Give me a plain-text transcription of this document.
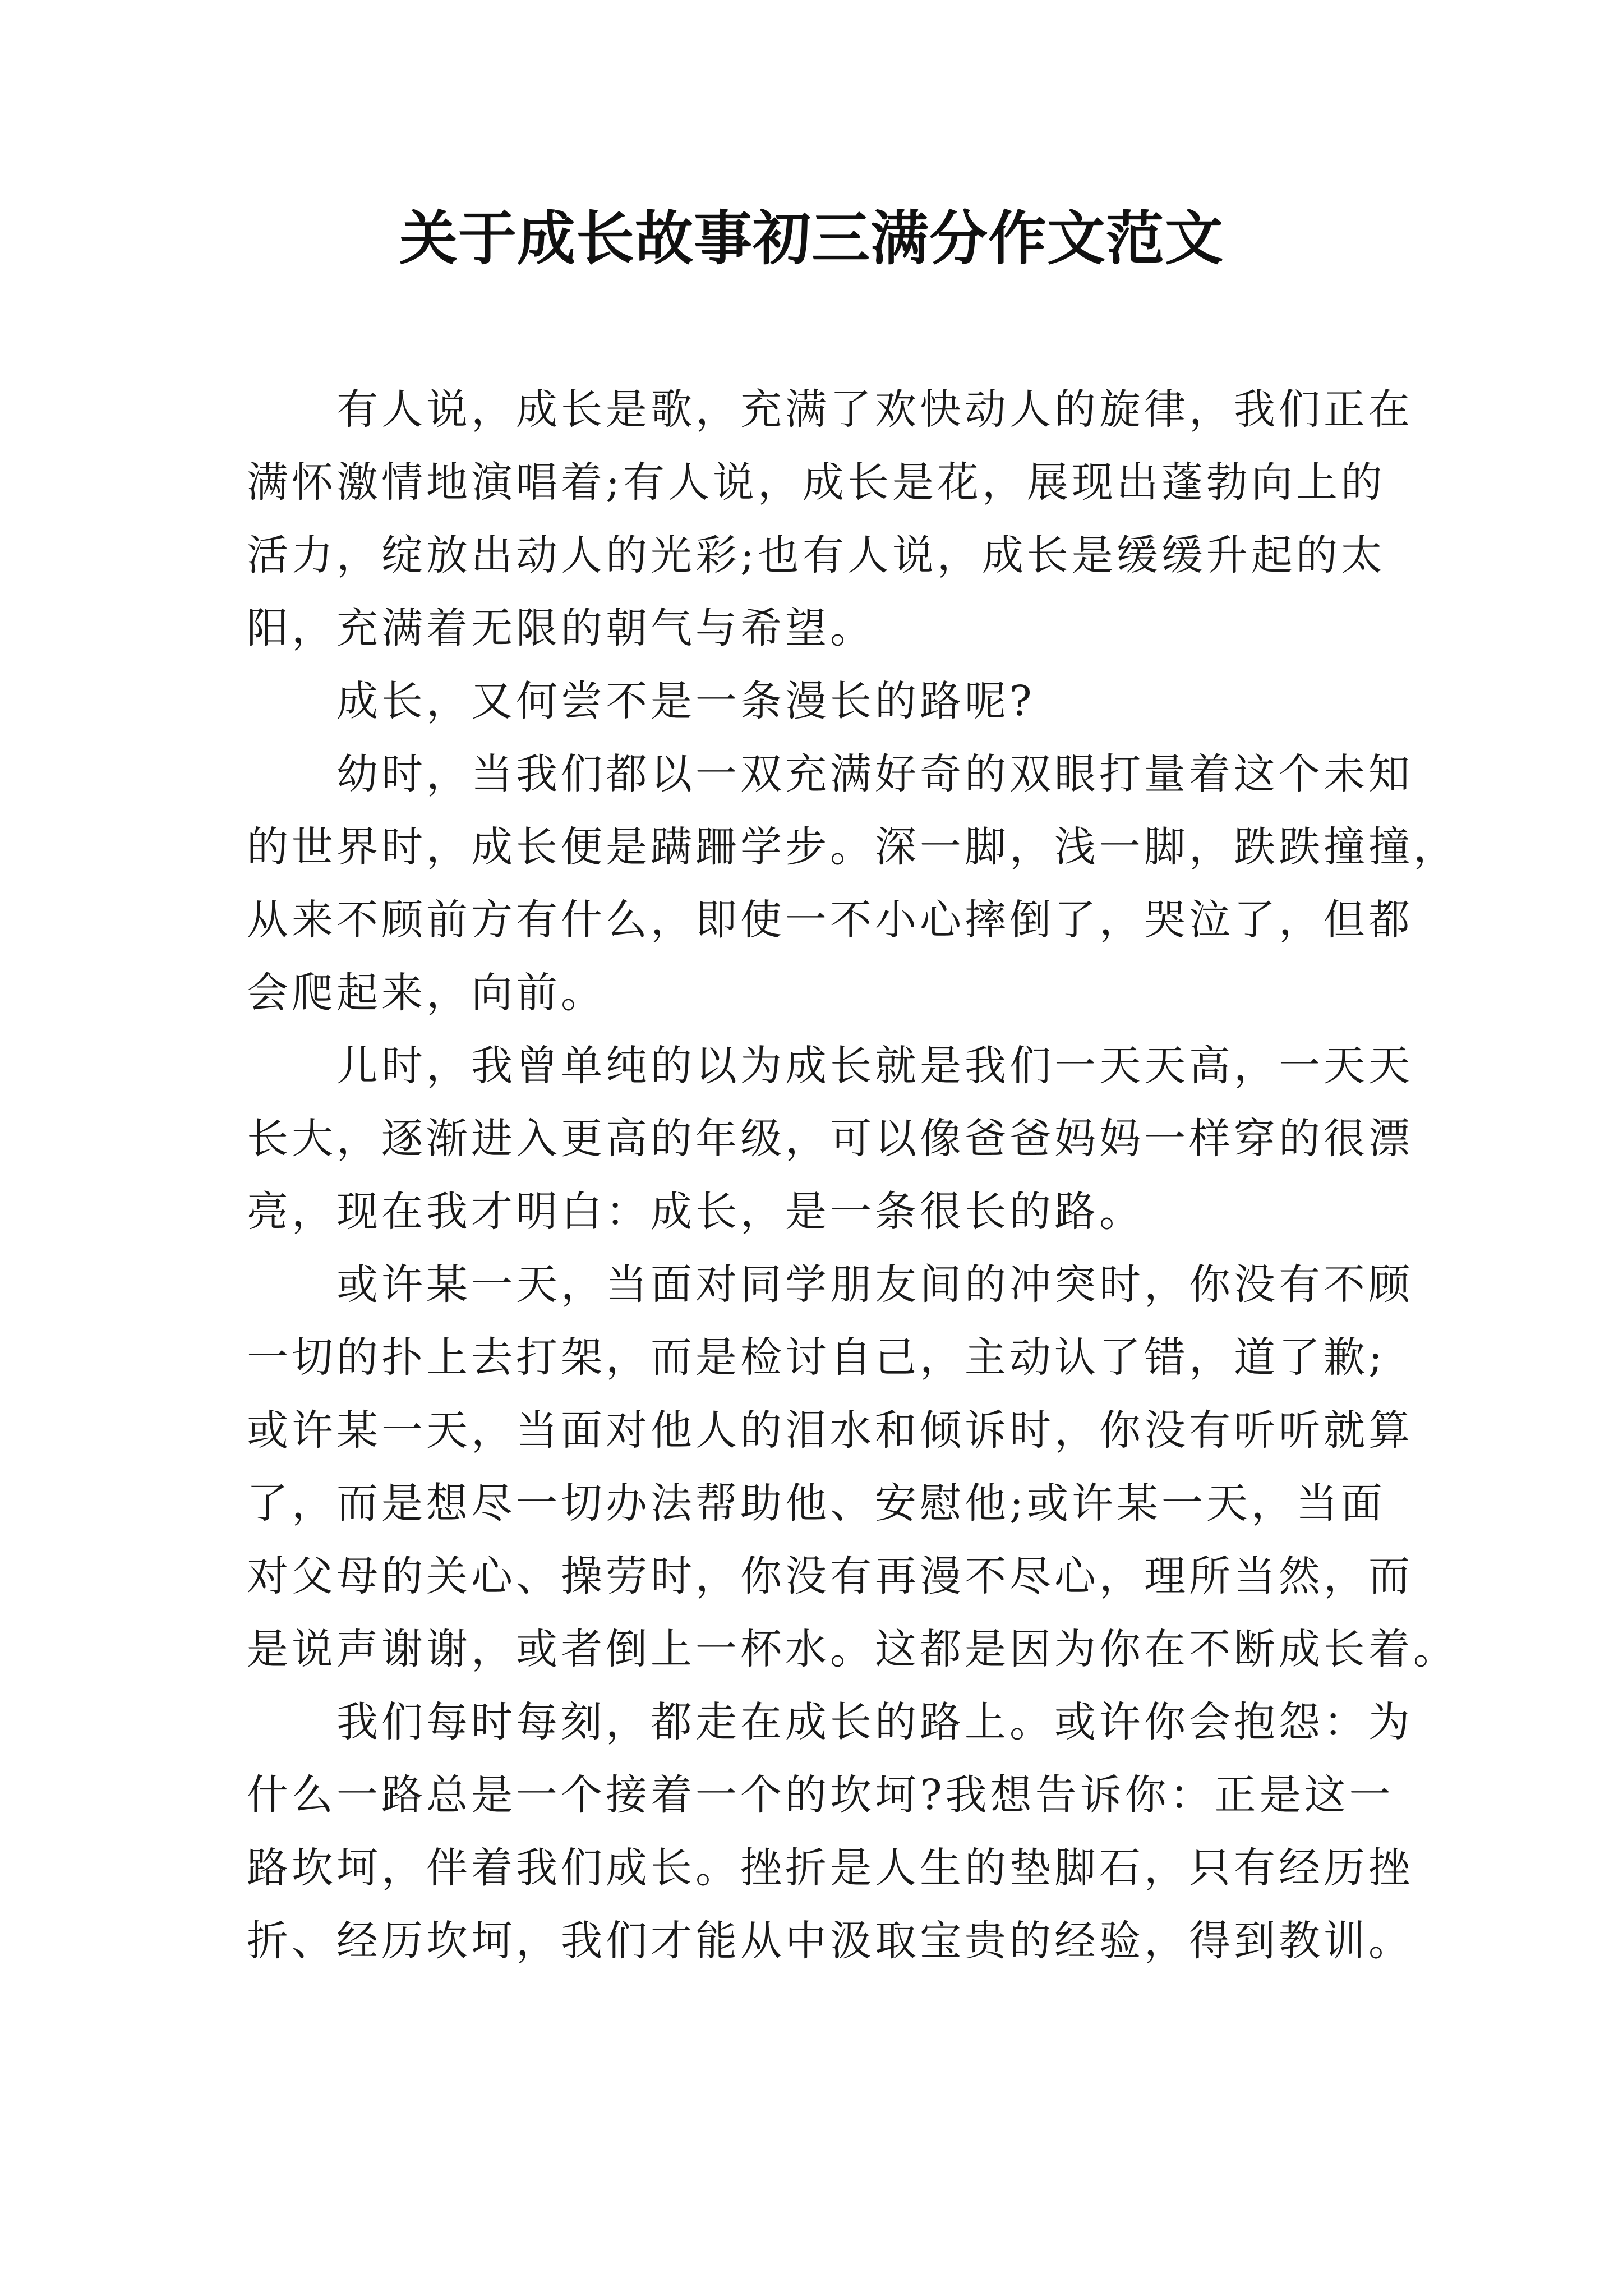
关于成长故事初三满分作文范文

有人说，成长是歌，充满了欢快动人的旋律，我们正在
满怀激情地演唱着;有人说，成长是花，展现出蓬勃向上的
活力，绽放出动人的光彩;也有人说，成长是缓缓升起的太
阳，充满着无限的朝气与希望。

成长，又何尝不是一条漫长的路呢?

幼时，当我们都以一双充满好奇的双眼打量着这个未知
的世界时，成长便是蹒跚学步。深一脚，浅一脚，跌跌撞撞，
从来不顾前方有什么，即使一不小心摔倒了，哭泣了，但都
会爬起来，向前。

儿时，我曾单纯的以为成长就是我们一天天高，一天天
长大，逐渐进入更高的年级，可以像爸爸妈妈一样穿的很漂
亮，现在我才明白：成长，是一条很长的路。

或许某一天，当面对同学朋友间的冲突时，你没有不顾
一切的扑上去打架，而是检讨自己，主动认了错，道了歉;
或许某一天，当面对他人的泪水和倾诉时，你没有听听就算
了，而是想尽一切办法帮助他、安慰他;或许某一天，当面
对父母的关心、操劳时，你没有再漫不尽心，理所当然，而
是说声谢谢，或者倒上一杯水。这都是因为你在不断成长着。

我们每时每刻，都走在成长的路上。或许你会抱怨：为
什么一路总是一个接着一个的坎坷?我想告诉你：正是这一
路坎坷，伴着我们成长。挫折是人生的垫脚石，只有经历挫
折、经历坎坷，我们才能从中汲取宝贵的经验，得到教训。
